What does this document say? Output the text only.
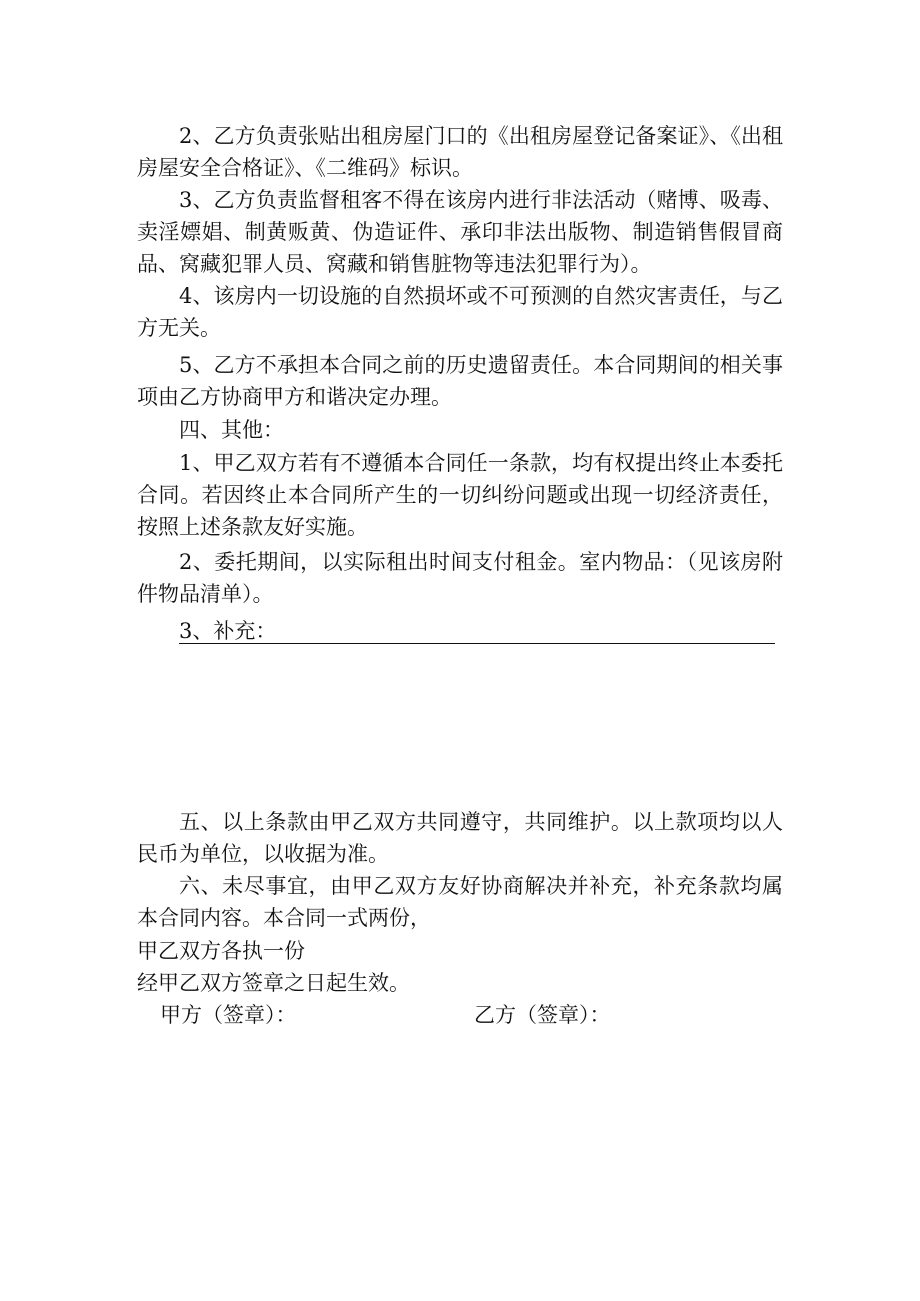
2、乙方负责张贴出租房屋门口的《出租房屋登记备案证》、《出租房屋安全合格证》、《二维码》标识。

3、乙方负责监督租客不得在该房内进行非法活动（赌博、吸毒、卖淫嫖娼、制黄贩黄、伪造证件、承印非法出版物、制造销售假冒商品、窝藏犯罪人员、窝藏和销售脏物等违法犯罪行为）。

4、该房内一切设施的自然损坏或不可预测的自然灾害责任，与乙方无关。

5、乙方不承担本合同之前的历史遗留责任。本合同期间的相关事项由乙方协商甲方和谐决定办理。

四、其他：

1、甲乙双方若有不遵循本合同任一条款，均有权提出终止本委托合同。若因终止本合同所产生的一切纠纷问题或出现一切经济责任，按照上述条款友好实施。

2、委托期间，以实际租出时间支付租金。室内物品：（见该房附件物品清单）。

3、补充：

五、以上条款由甲乙双方共同遵守，共同维护。以上款项均以人民币为单位，以收据为准。

六、未尽事宜，由甲乙双方友好协商解决并补充，补充条款均属本合同内容。本合同一式两份，

甲乙双方各执一份

经甲乙双方签章之日起生效。

甲方（签章）：	乙方（签章）：
